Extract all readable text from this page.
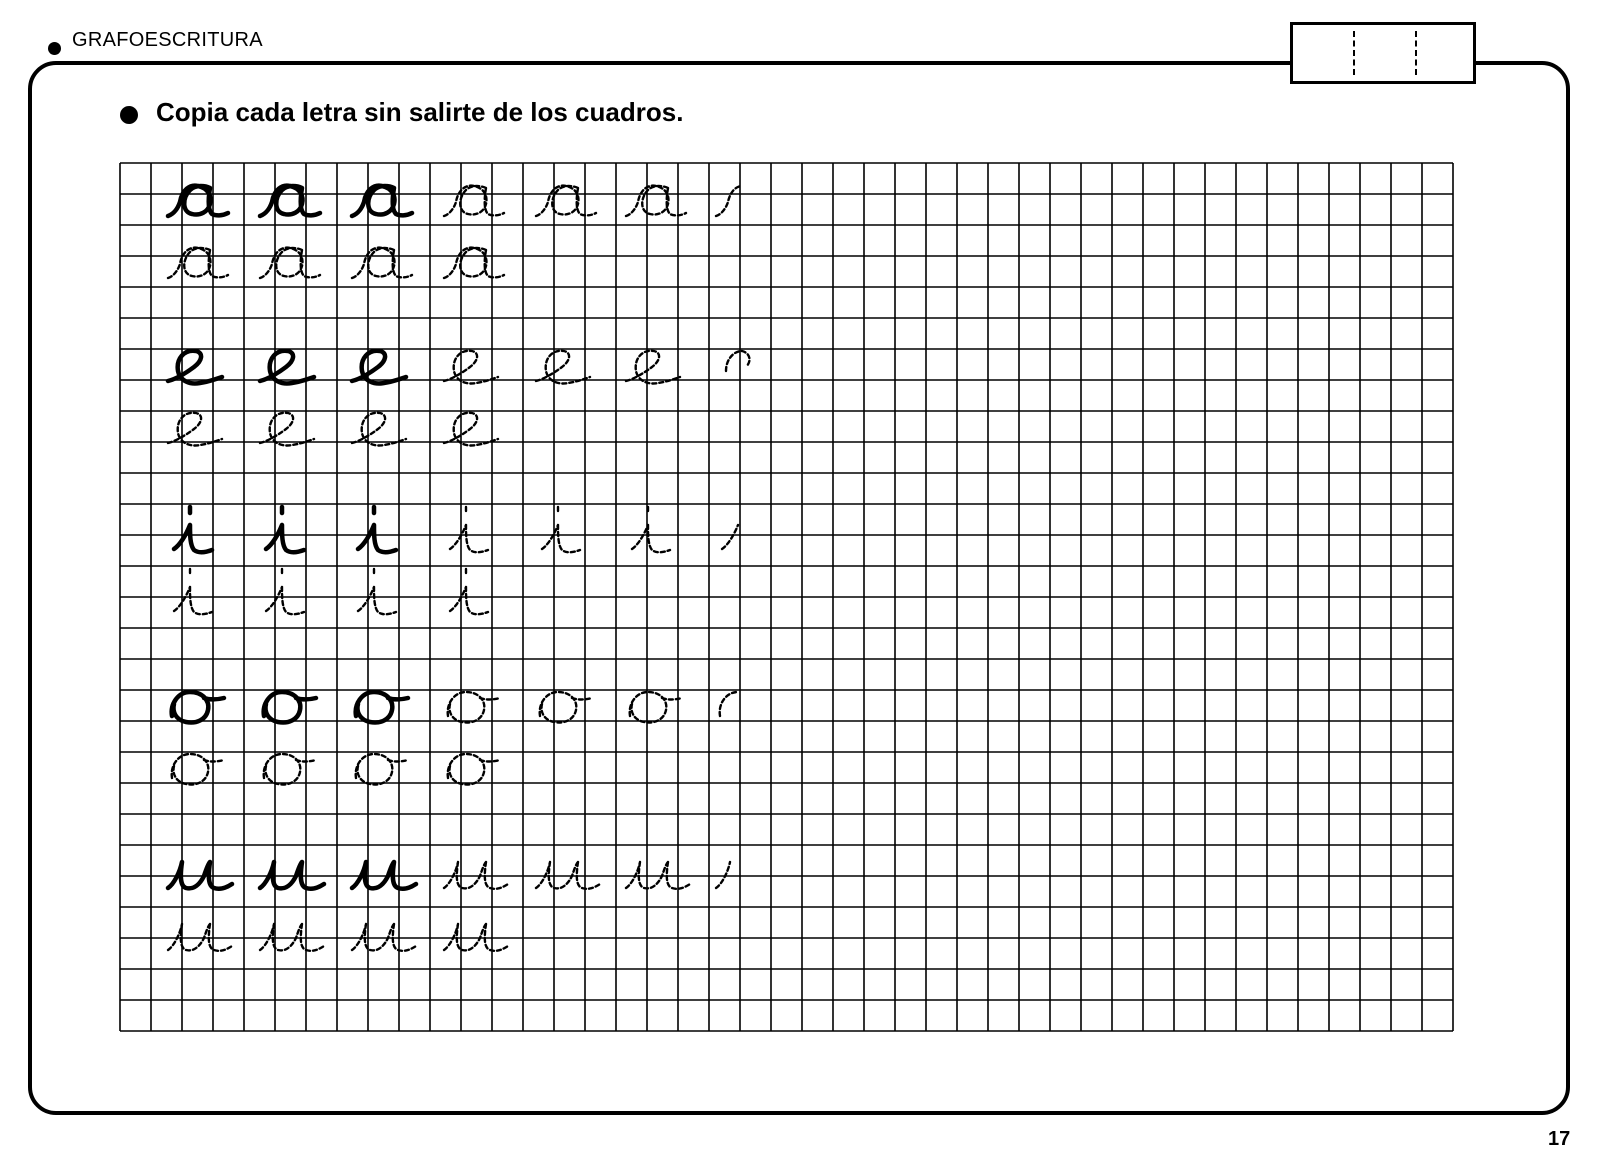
GRAFOESCRITURA
Copia cada letra sin salirte de los cuadros.
17
